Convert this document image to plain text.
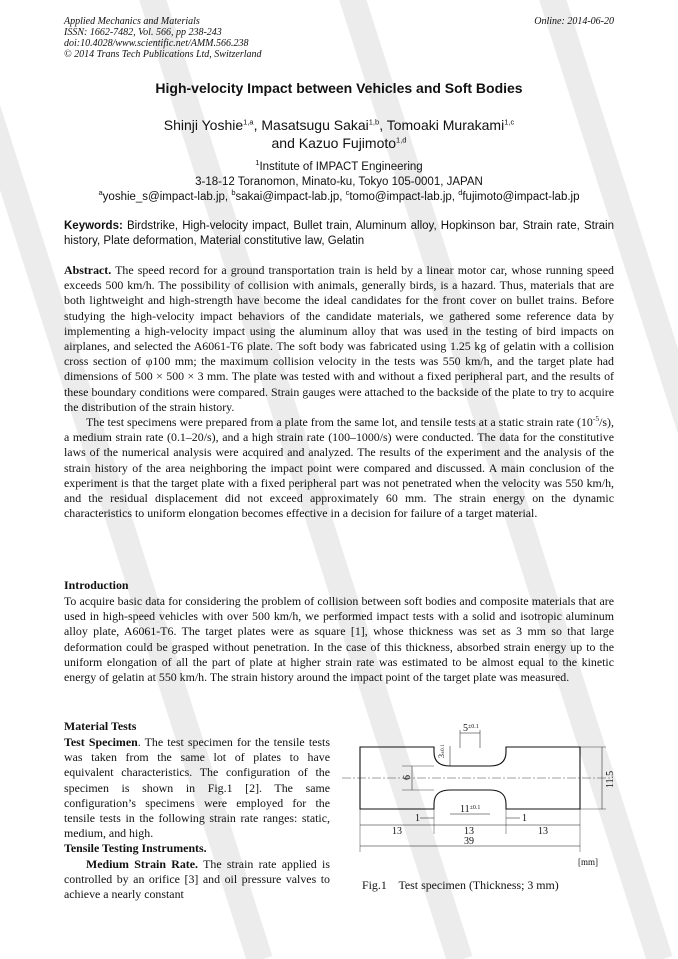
Applied Mechanics and Materials
ISSN: 1662-7482, Vol. 566, pp 238-243
doi:10.4028/www.scientific.net/AMM.566.238
© 2014 Trans Tech Publications Ltd, Switzerland
Online: 2014-06-20
High-velocity Impact between Vehicles and Soft Bodies
Shinji Yoshie$^{1,a}$, Masatsugu Sakai$^{1,b}$, Tomoaki Murakami$^{1,c}$
and Kazuo Fujimoto$^{1,d}$
$^1$Institute of IMPACT Engineering
3-18-12 Toranomon, Minato-ku, Tokyo 105-0001, JAPAN
$^a$yoshie_s@impact-lab.jp, $^b$sakai@impact-lab.jp, $^c$tomo@impact-lab.jp, $^d$fujimoto@impact-lab.jp
Keywords: Birdstrike, High-velocity impact, Bullet train, Aluminum alloy, Hopkinson bar, Strain rate, Strain history, Plate deformation, Material constitutive law, Gelatin

Abstract. The speed record for a ground transportation train is held by a linear motor car, whose running speed exceeds 500 km/h. The possibility of collision with animals, generally birds, is a hazard. Thus, materials that are both lightweight and high-strength have become the ideal candidates for the front cover on bullet trains. Before studying the high-velocity impact behaviors of the candidate materials, we gathered some reference data by implementing a high-velocity impact using the aluminum alloy that was used in the testing of bird impacts on airplanes, and selected the A6061-T6 plate. The soft body was fabricated using 1.25 kg of gelatin with a collision cross section of φ100 mm; the maximum collision velocity in the tests was 550 km/h, and the target plate had dimensions of 500 × 500 × 3 mm. The plate was tested with and without a fixed peripheral part, and the results of these boundary conditions were compared. Strain gauges were attached to the backside of the plate to try to acquire the distribution of the strain history.

The test specimens were prepared from a plate from the same lot, and tensile tests at a static strain rate $(10^{-5}/s)$, a medium strain rate (0.1–20/s), and a high strain rate (100–1000/s) were conducted. The data for the constitutive laws of the numerical analysis were acquired and analyzed. The results of the experiment and the analysis of the strain history of the area neighboring the impact point were compared and discussed. A main conclusion of the experiment is that the target plate with a fixed peripheral part was not penetrated when the velocity was 550 km/h, and the residual displacement did not exceed approximately 60 mm. The strain energy on the dynamic characteristics to uniform elongation becomes effective in a decision for failure of a target material.

Introduction
To acquire basic data for considering the problem of collision between soft bodies and composite materials that are used in high-speed vehicles with over 500 km/h, we performed impact tests with a solid and isotropic aluminum alloy plate, A6061-T6. The target plates were as square [1], whose thickness was set as 3 mm so that large deformation could be grasped without penetration. In the case of this thickness, absorbed strain energy up to the uniform elongation of all the part of plate at higher strain rate was estimated to be almost equal to the kinetic energy of gelatin at 550 km/h. The strain history around the impact point of the target plate was measured.
Material Tests

Test Specimen. The test specimen for the tensile tests was taken from the same lot of plates to have equivalent characteristics. The configuration of the specimen is shown in Fig.1 [2]. The same configuration’s specimens were employed for the tensile tests in the following strain rate ranges: static, medium, and high.

Tensile Testing Instruments.

Medium Strain Rate. The strain rate applied is controlled by an orifice [3] and oil pressure valves to achieve a nearly constant

$5^{\pm 0.1}$
3±0.1
6	11.5
$11^{\pm 0.1}$
1	1
13	13	13
39
[mm]
Fig.1    Test specimen (Thickness; 3 mm)
